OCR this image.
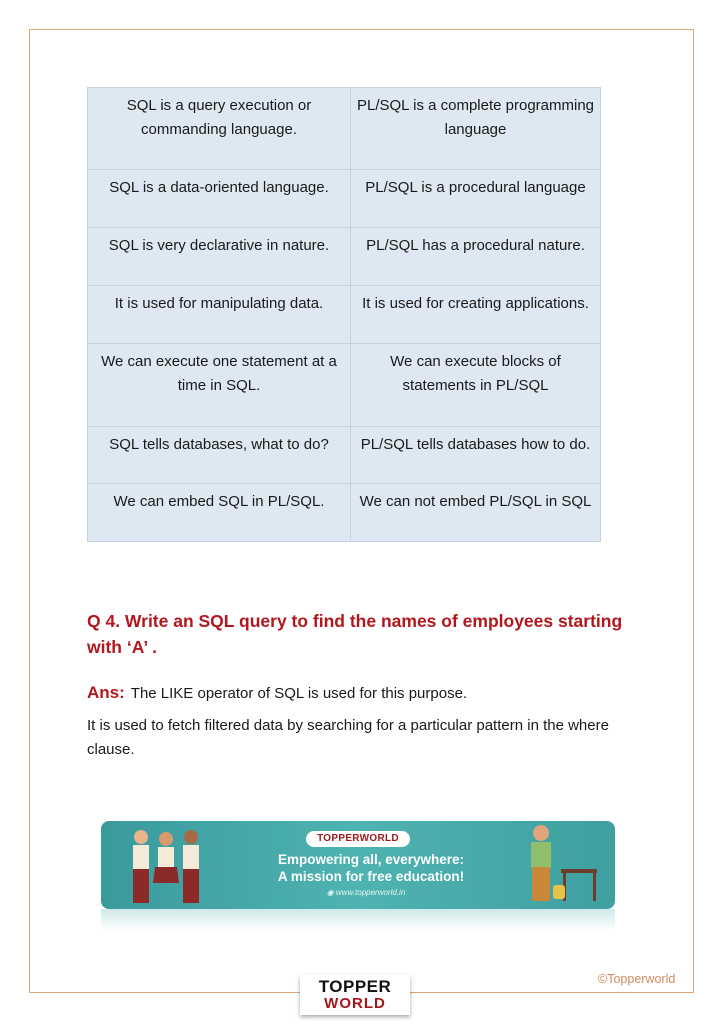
SQL is a query execution or commanding language.	PL/SQL is a complete programming language
SQL is a data-oriented language.	PL/SQL is a procedural language
SQL is very declarative in nature.	PL/SQL has a procedural nature.
It is used for manipulating data.	It is used for creating applications.
We can execute one statement at a time in SQL.	We can execute blocks of statements in PL/SQL
SQL tells databases, what to do?	PL/SQL tells databases how to do.
We can embed SQL in PL/SQL.	We can not embed PL/SQL in SQL
Q 4. Write an SQL query to find the names of employees starting with ‘A’ .
Ans: The LIKE operator of SQL is used for this purpose.
It is used to fetch filtered data by searching for a particular pattern in the where clause.
TOPPERWORLD
Empowering all, everywhere:
A mission for free education!
◉ www.topperworld.in
©Topperworld
TOPPER
WORLD
